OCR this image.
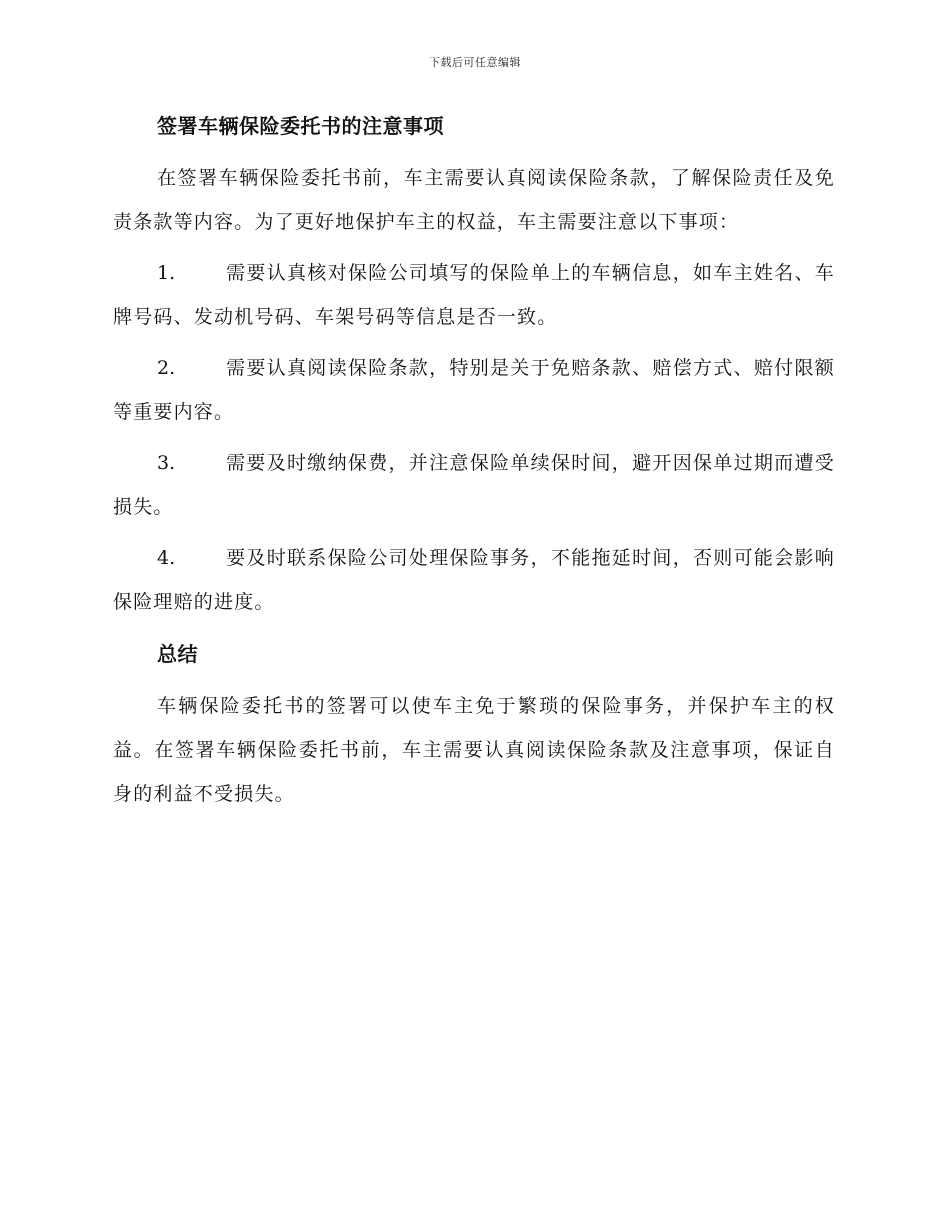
下载后可任意编辑
签署车辆保险委托书的注意事项

在签署车辆保险委托书前，车主需要认真阅读保险条款，了解保险责任及免责条款等内容。为了更好地保护车主的权益，车主需要注意以下事项：

1.	需要认真核对保险公司填写的保险单上的车辆信息，如车主姓名、车牌号码、发动机号码、车架号码等信息是否一致。

2.	需要认真阅读保险条款，特别是关于免赔条款、赔偿方式、赔付限额等重要内容。

3.	需要及时缴纳保费，并注意保险单续保时间，避开因保单过期而遭受损失。

4.	要及时联系保险公司处理保险事务，不能拖延时间，否则可能会影响保险理赔的进度。

总结

车辆保险委托书的签署可以使车主免于繁琐的保险事务，并保护车主的权益。在签署车辆保险委托书前，车主需要认真阅读保险条款及注意事项，保证自身的利益不受损失。
